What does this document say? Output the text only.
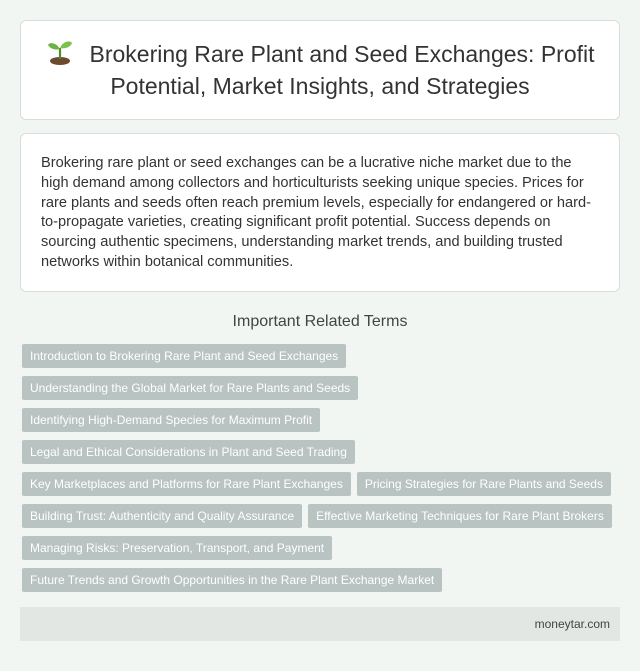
Brokering Rare Plant and Seed Exchanges: Profit Potential, Market Insights, and Strategies

Brokering rare plant or seed exchanges can be a lucrative niche market due to the high demand among collectors and horticulturists seeking unique species. Prices for rare plants and seeds often reach premium levels, especially for endangered or hard-to-propagate varieties, creating significant profit potential. Success depends on sourcing authentic specimens, understanding market trends, and building trusted networks within botanical communities.

Important Related Terms
Introduction to Brokering Rare Plant and Seed Exchanges
Understanding the Global Market for Rare Plants and Seeds
Identifying High-Demand Species for Maximum Profit
Legal and Ethical Considerations in Plant and Seed Trading
Key Marketplaces and Platforms for Rare Plant Exchanges	Pricing Strategies for Rare Plants and Seeds
Building Trust: Authenticity and Quality Assurance	Effective Marketing Techniques for Rare Plant Brokers
Managing Risks: Preservation, Transport, and Payment
Future Trends and Growth Opportunities in the Rare Plant Exchange Market
moneytar.com
